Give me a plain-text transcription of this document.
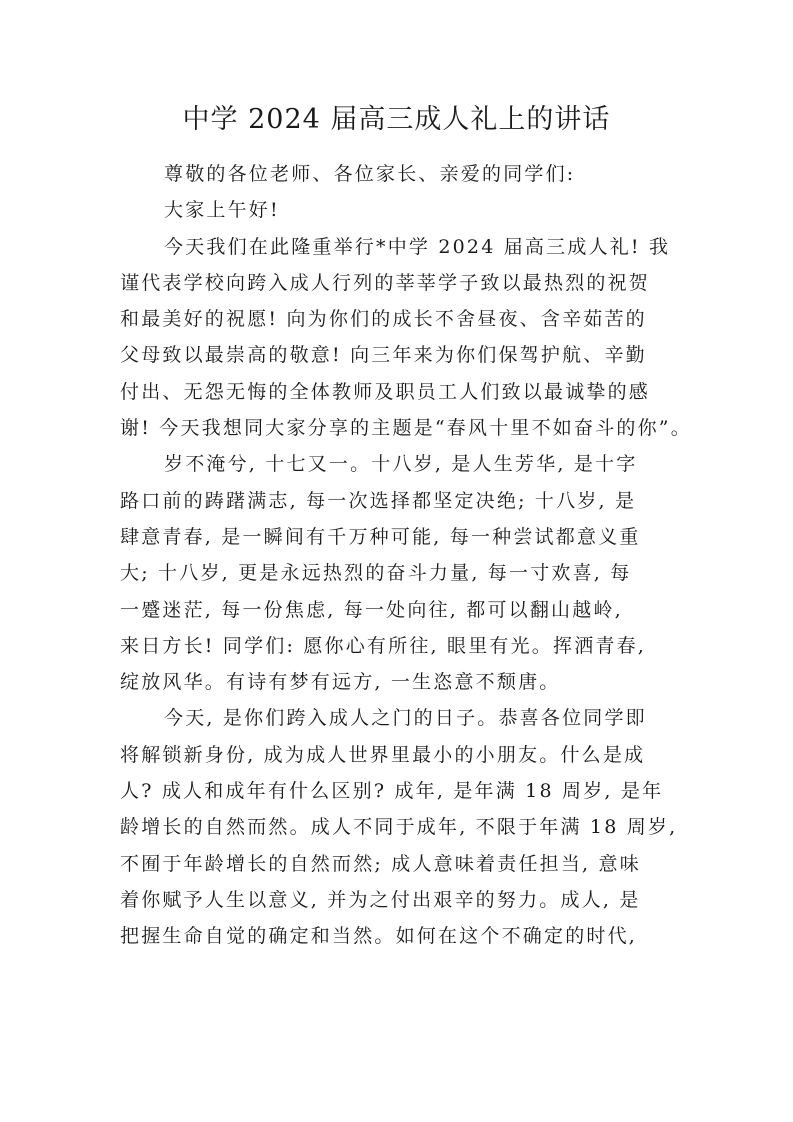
中学 2024 届高三成人礼上的讲话
尊敬的各位老师、各位家长、亲爱的同学们:
大家上午好!
今天我们在此隆重举行*中学 2024 届高三成人礼! 我
谨代表学校向跨入成人行列的莘莘学子致以最热烈的祝贺
和最美好的祝愿! 向为你们的成长不舍昼夜、含辛茹苦的
父母致以最崇高的敬意! 向三年来为你们保驾护航、辛勤
付出、无怨无悔的全体教师及职员工人们致以最诚挚的感
谢! 今天我想同大家分享的主题是“春风十里不如奋斗的你”。
岁不淹兮, 十七又一。十八岁, 是人生芳华, 是十字
路口前的踌躇满志, 每一次选择都坚定决绝; 十八岁, 是
肆意青春, 是一瞬间有千万种可能, 每一种尝试都意义重
大; 十八岁, 更是永远热烈的奋斗力量, 每一寸欢喜, 每
一蹙迷茫, 每一份焦虑, 每一处向往, 都可以翻山越岭,
来日方长! 同学们: 愿你心有所往, 眼里有光。挥洒青春,
绽放风华。有诗有梦有远方, 一生恣意不颓唐。
今天, 是你们跨入成人之门的日子。恭喜各位同学即
将解锁新身份, 成为成人世界里最小的小朋友。什么是成
人? 成人和成年有什么区别? 成年, 是年满 18 周岁, 是年
龄增长的自然而然。成人不同于成年, 不限于年满 18 周岁,
不囿于年龄增长的自然而然; 成人意味着责任担当, 意味
着你赋予人生以意义, 并为之付出艰辛的努力。成人, 是
把握生命自觉的确定和当然。如何在这个不确定的时代,
